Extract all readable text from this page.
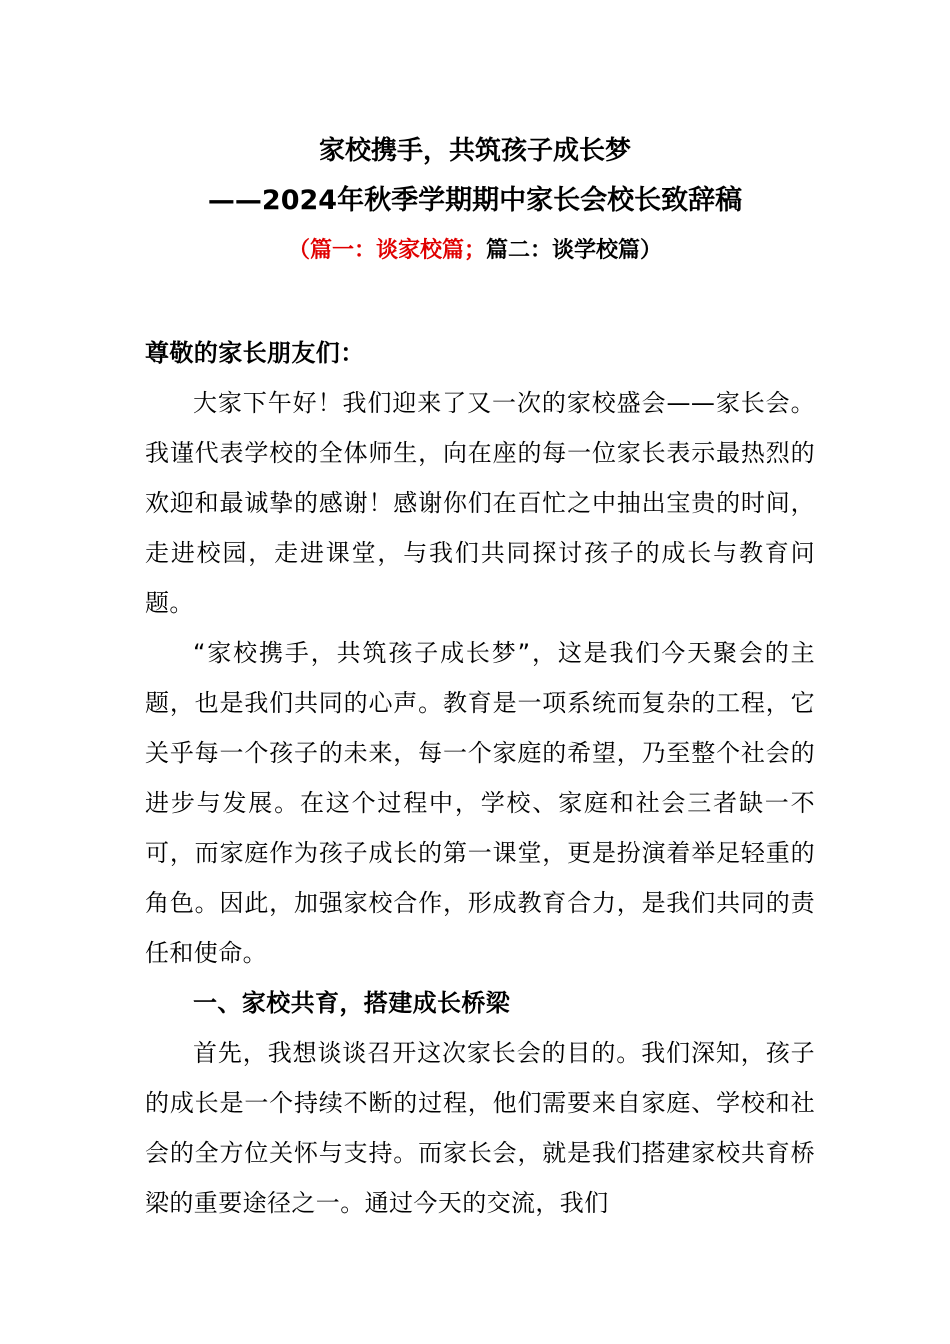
家校携手，共筑孩子成长梦
——2024年秋季学期期中家长会校长致辞稿
（篇一：谈家校篇；篇二：谈学校篇）

尊敬的家长朋友们：

大家下午好！我们迎来了又一次的家校盛会——家长会。我谨代表学校的全体师生，向在座的每一位家长表示最热烈的欢迎和最诚挚的感谢！感谢你们在百忙之中抽出宝贵的时间，走进校园，走进课堂，与我们共同探讨孩子的成长与教育问题。

“家校携手，共筑孩子成长梦”，这是我们今天聚会的主题，也是我们共同的心声。教育是一项系统而复杂的工程，它关乎每一个孩子的未来，每一个家庭的希望，乃至整个社会的进步与发展。在这个过程中，学校、家庭和社会三者缺一不可，而家庭作为孩子成长的第一课堂，更是扮演着举足轻重的角色。因此，加强家校合作，形成教育合力，是我们共同的责任和使命。

一、家校共育，搭建成长桥梁

首先，我想谈谈召开这次家长会的目的。我们深知，孩子的成长是一个持续不断的过程，他们需要来自家庭、学校和社会的全方位关怀与支持。而家长会，就是我们搭建家校共育桥梁的重要途径之一。通过今天的交流，我们
